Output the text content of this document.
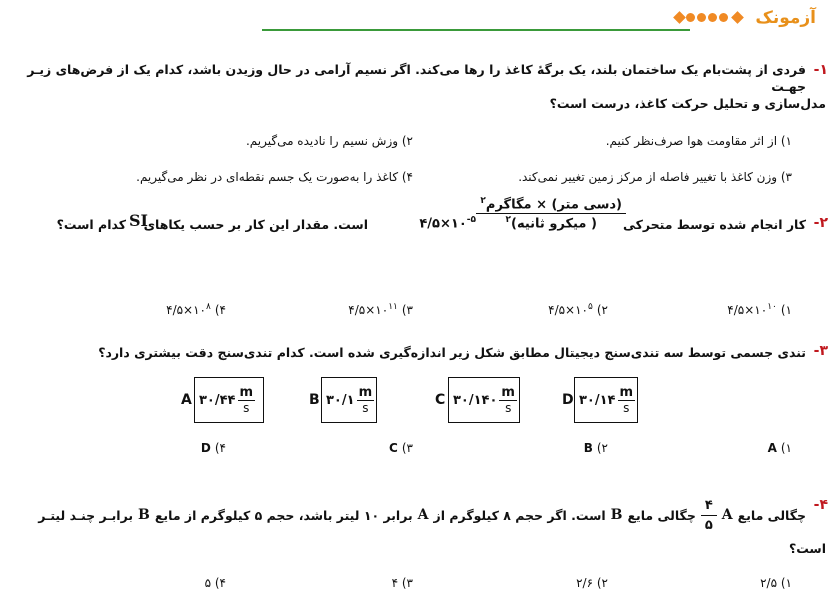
آزمونک
۱-
فردی از پشت‌بام یک ساختمان بلند، یک برگهٔ کاغذ را رها می‌کند. اگر نسیم آرامی در حال وزیدن باشد، کدام یک از فرض‌های زیـر جهـت
مدل‌سازی و تحلیل حرکت کاغذ، درست است؟
۱) از اثر مقاومت هوا صرف‌نظر کنیم.
۲) وزش نسیم را نادیده می‌گیریم.
۳) وزن کاغذ با تغییر فاصله از مرکز زمین تغییر نمی‌کند.
۴) کاغذ را به‌صورت یک جسم نقطه‌ای در نظر می‌گیریم.
۲-
کار انجام شده توسط متحرکی
$\frac{(دسی متر) \times مگاگرم^۲}{( میکرو ثانیه)^۲}$
$۴/۵\times ۱۰^{-۵}$
است. مقدار این کار بر حسب یکاهای
SI
کدام است؟
$۱)۴/۵\times ۱۰^{۱۰}$
$۲)۴/۵\times ۱۰^۵$
$۳)۴/۵\times ۱۰^{۱۱}$
$۴)۴/۵\times ۱۰^۸$
۳-
تندی جسمی توسط سه تندی‌سنج دیجیتال مطابق شکل زیر اندازه‌گیری شده است. کدام تندی‌سنج دقت بیشتری دارد؟
A ۳۰/۴۴ m
s	B ۳۰/۱ m
s	C ۳۰/۱۴۰ m
s	D ۳۰/۱۴ m
s
۱)A
۲)B
۳)C
۴)D
۴-
چگالی مایع
A
$\frac{۴}{۵}$
چگالی مایع
B
است. اگر حجم ۸ کیلوگرم از
A
برابر ۱۰ لیتر باشد، حجم ۵ کیلوگرم از مایع
B
برابـر چنـد لیتـر
است؟
۱) ۲/۵
۲) ۲/۶
۳) ۴
۴) ۵
